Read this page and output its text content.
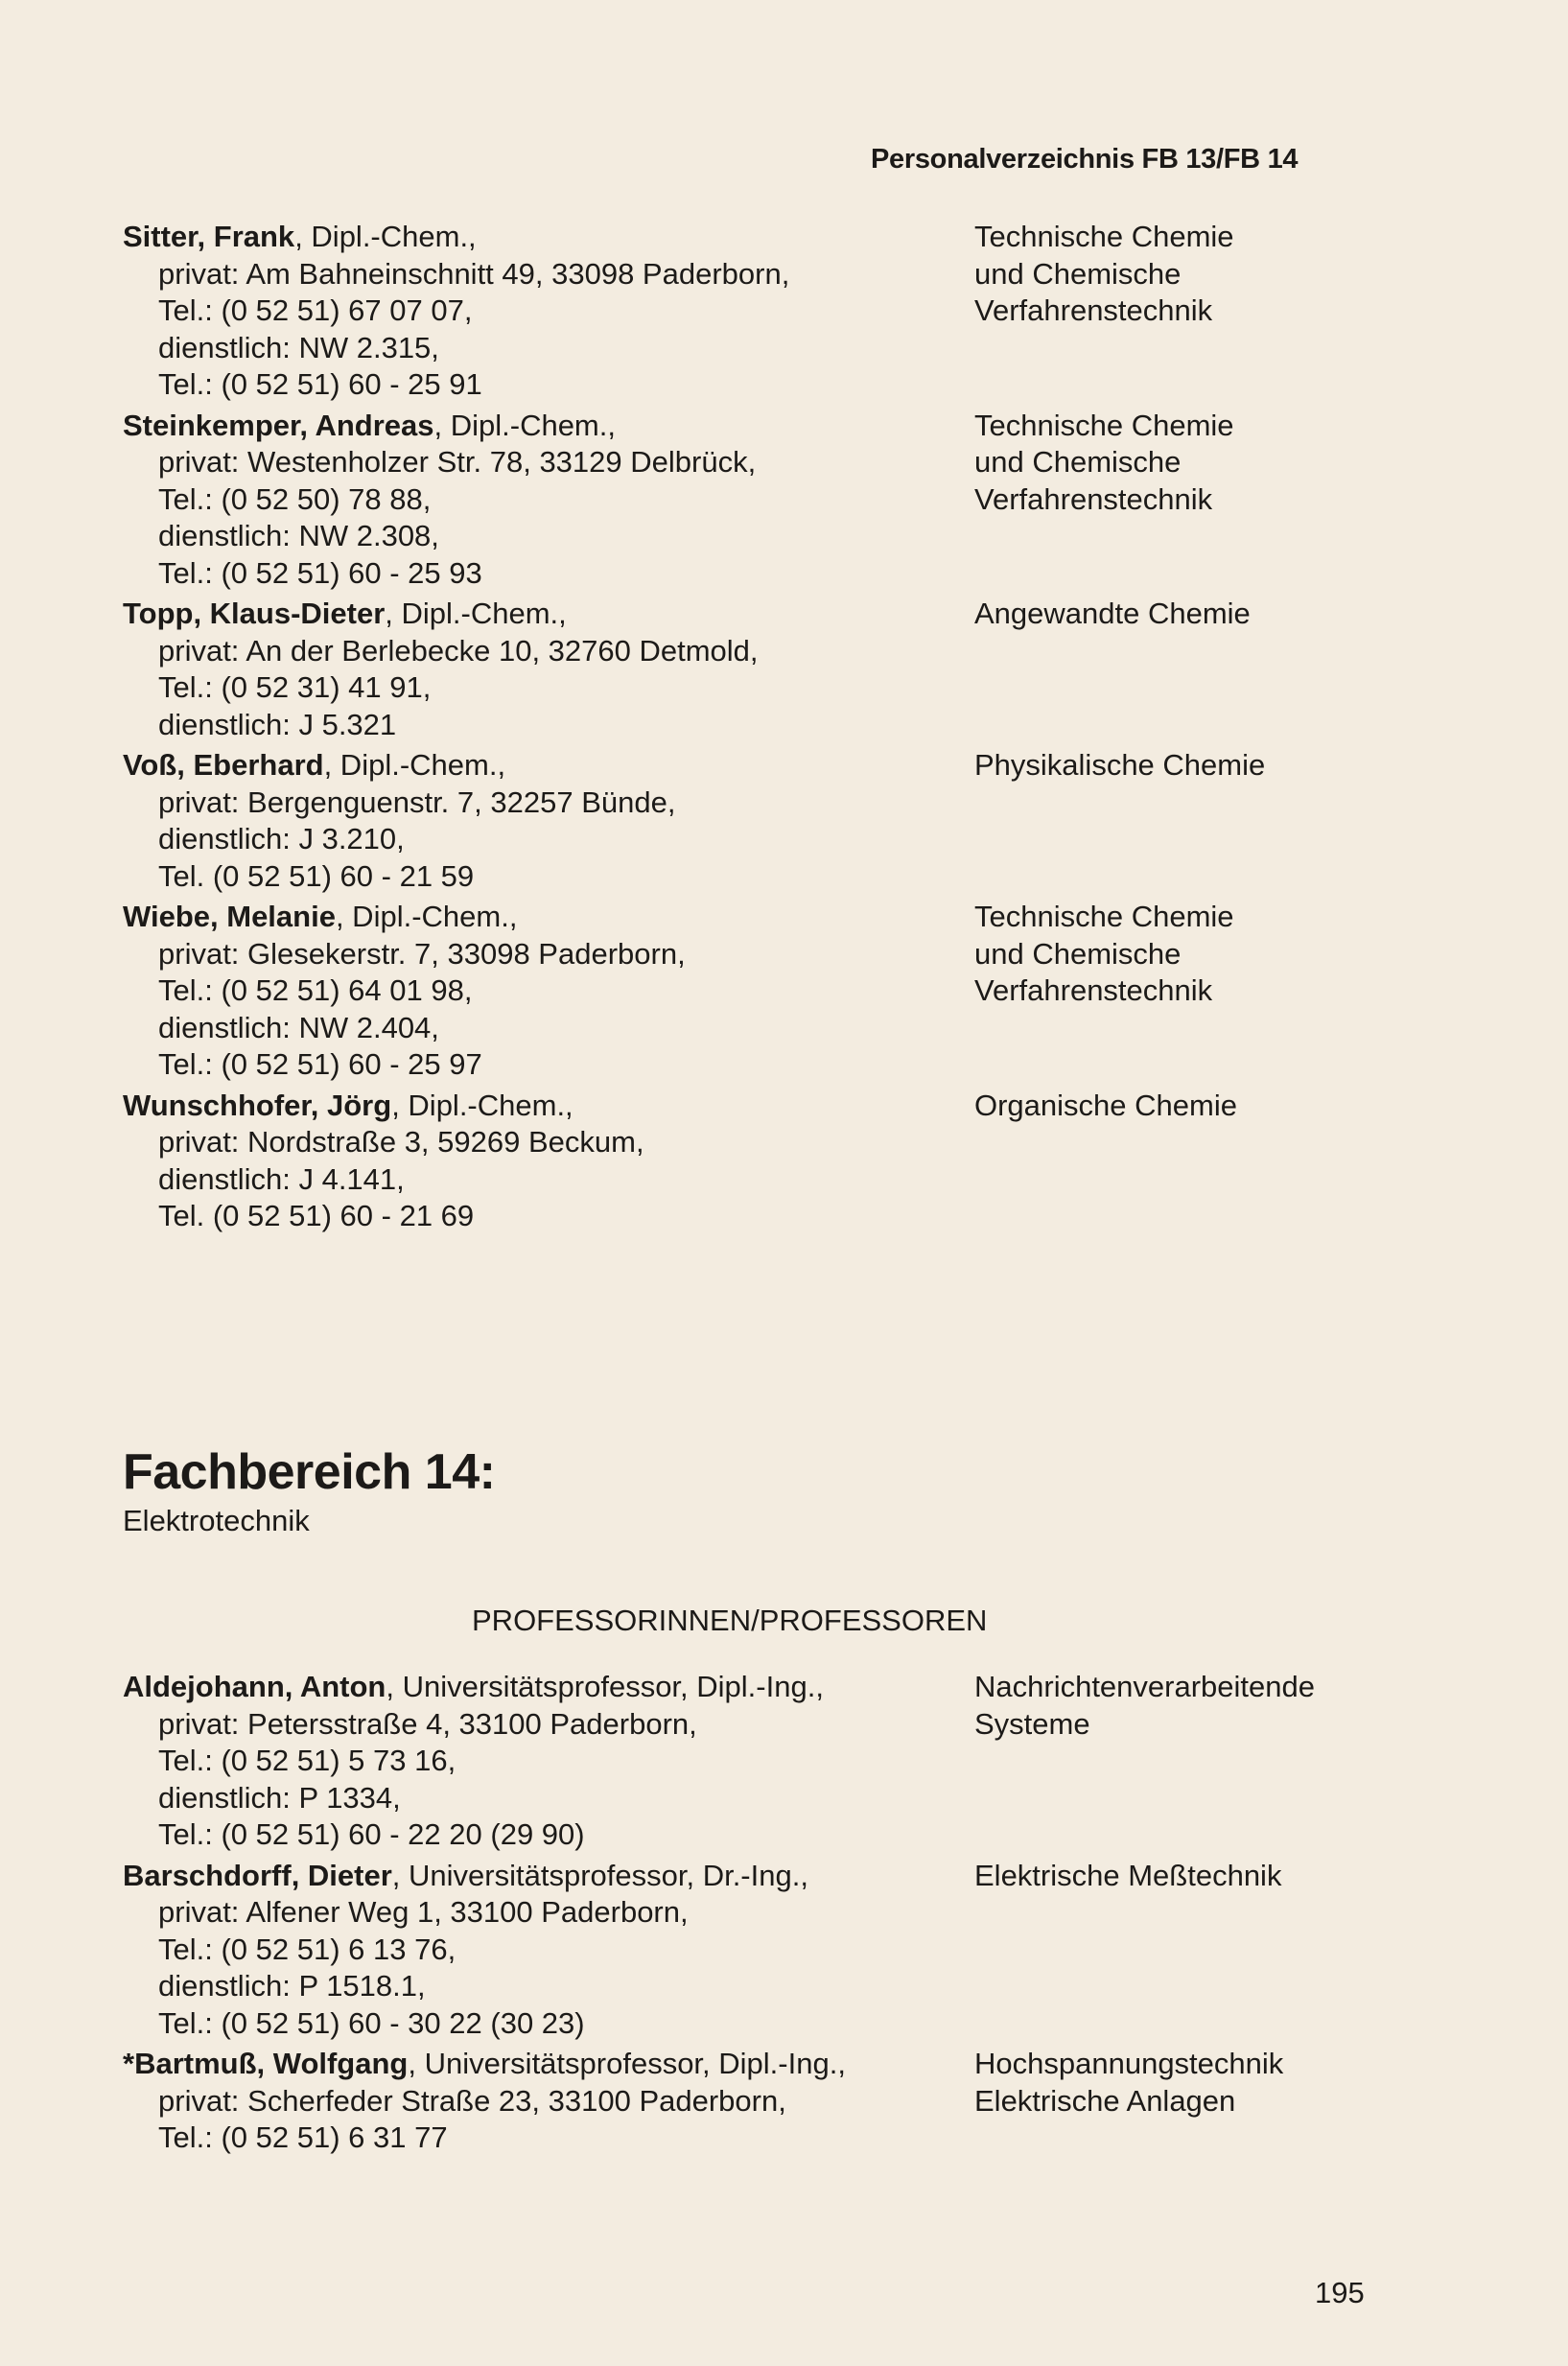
Personalverzeichnis FB 13/FB 14
Sitter, Frank, Dipl.-Chem.,
privat: Am Bahneinschnitt 49, 33098 Paderborn,
Tel.: (0 52 51) 67 07 07,
dienstlich: NW 2.315,
Tel.: (0 52 51) 60 - 25 91
Technische Chemie
und Chemische
Verfahrenstechnik
Steinkemper, Andreas, Dipl.-Chem.,
privat: Westenholzer Str. 78, 33129 Delbrück,
Tel.: (0 52 50) 78 88,
dienstlich: NW 2.308,
Tel.: (0 52 51) 60 - 25 93
Technische Chemie
und Chemische
Verfahrenstechnik
Topp, Klaus-Dieter, Dipl.-Chem.,
privat: An der Berlebecke 10, 32760 Detmold,
Tel.: (0 52 31) 41 91,
dienstlich: J 5.321
Angewandte Chemie
Voß, Eberhard, Dipl.-Chem.,
privat: Bergenguenstr. 7, 32257 Bünde,
dienstlich: J 3.210,
Tel. (0 52 51) 60 - 21 59
Physikalische Chemie
Wiebe, Melanie, Dipl.-Chem.,
privat: Glesekerstr. 7, 33098 Paderborn,
Tel.: (0 52 51) 64 01 98,
dienstlich: NW 2.404,
Tel.: (0 52 51) 60 - 25 97
Technische Chemie
und Chemische
Verfahrenstechnik
Wunschhofer, Jörg, Dipl.-Chem.,
privat: Nordstraße 3, 59269 Beckum,
dienstlich: J 4.141,
Tel. (0 52 51) 60 - 21 69
Organische Chemie
Fachbereich 14:
Elektrotechnik
PROFESSORINNEN/PROFESSOREN
Aldejohann, Anton, Universitätsprofessor, Dipl.-Ing.,
privat: Petersstraße 4, 33100 Paderborn,
Tel.: (0 52 51) 5 73 16,
dienstlich: P 1334,
Tel.: (0 52 51) 60 - 22 20 (29 90)
Nachrichtenverarbeitende
Systeme
Barschdorff, Dieter, Universitätsprofessor, Dr.-Ing.,
privat: Alfener Weg 1, 33100 Paderborn,
Tel.: (0 52 51) 6 13 76,
dienstlich: P 1518.1,
Tel.: (0 52 51) 60 - 30 22 (30 23)
Elektrische Meßtechnik
*Bartmuß, Wolfgang, Universitätsprofessor, Dipl.-Ing.,
privat: Scherfeder Straße 23, 33100 Paderborn,
Tel.: (0 52 51) 6 31 77
Hochspannungstechnik
Elektrische Anlagen
195
